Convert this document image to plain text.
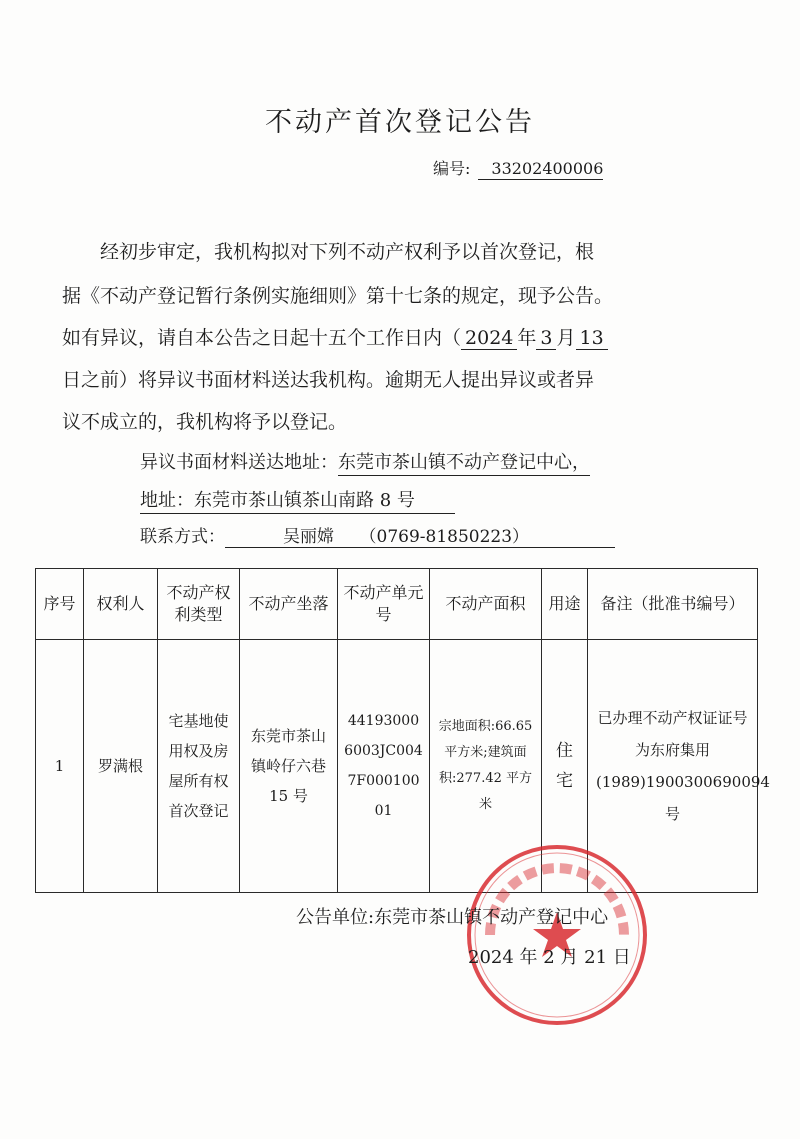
不动产首次登记公告
编号: 33202400006
经初步审定，我机构拟对下列不动产权利予以首次登记，根
据《不动产登记暂行条例实施细则》第十七条的规定，现予公告。
如有异议，请自本公告之日起十五个工作日内（ 2024 年 3 月 13
日之前）将异议书面材料送达我机构。逾期无人提出异议或者异
议不成立的，我机构将予以登记。
异议书面材料送达地址：东莞市茶山镇不动产登记中心，
地址：东莞市茶山镇茶山南路 8 号
联系方式：	吴丽嫦　　（0769-81850223）
序号	权利人	不动产权利类型	不动产坐落	不动产单元号	不动产面积	用途	备注（批准书编号）
1	罗满根	宅基地使用权及房屋所有权首次登记	东莞市茶山镇岭仔六巷 15 号	441930006003JC0047F00010001	宗地面积:66.65 平方米;建筑面积:277.42 平方米	住宅	已办理不动产权证证号为东府集用(1989)1900300690094 号
公告单位:东莞市茶山镇不动产登记中心
2024 年 2 月 21 日
